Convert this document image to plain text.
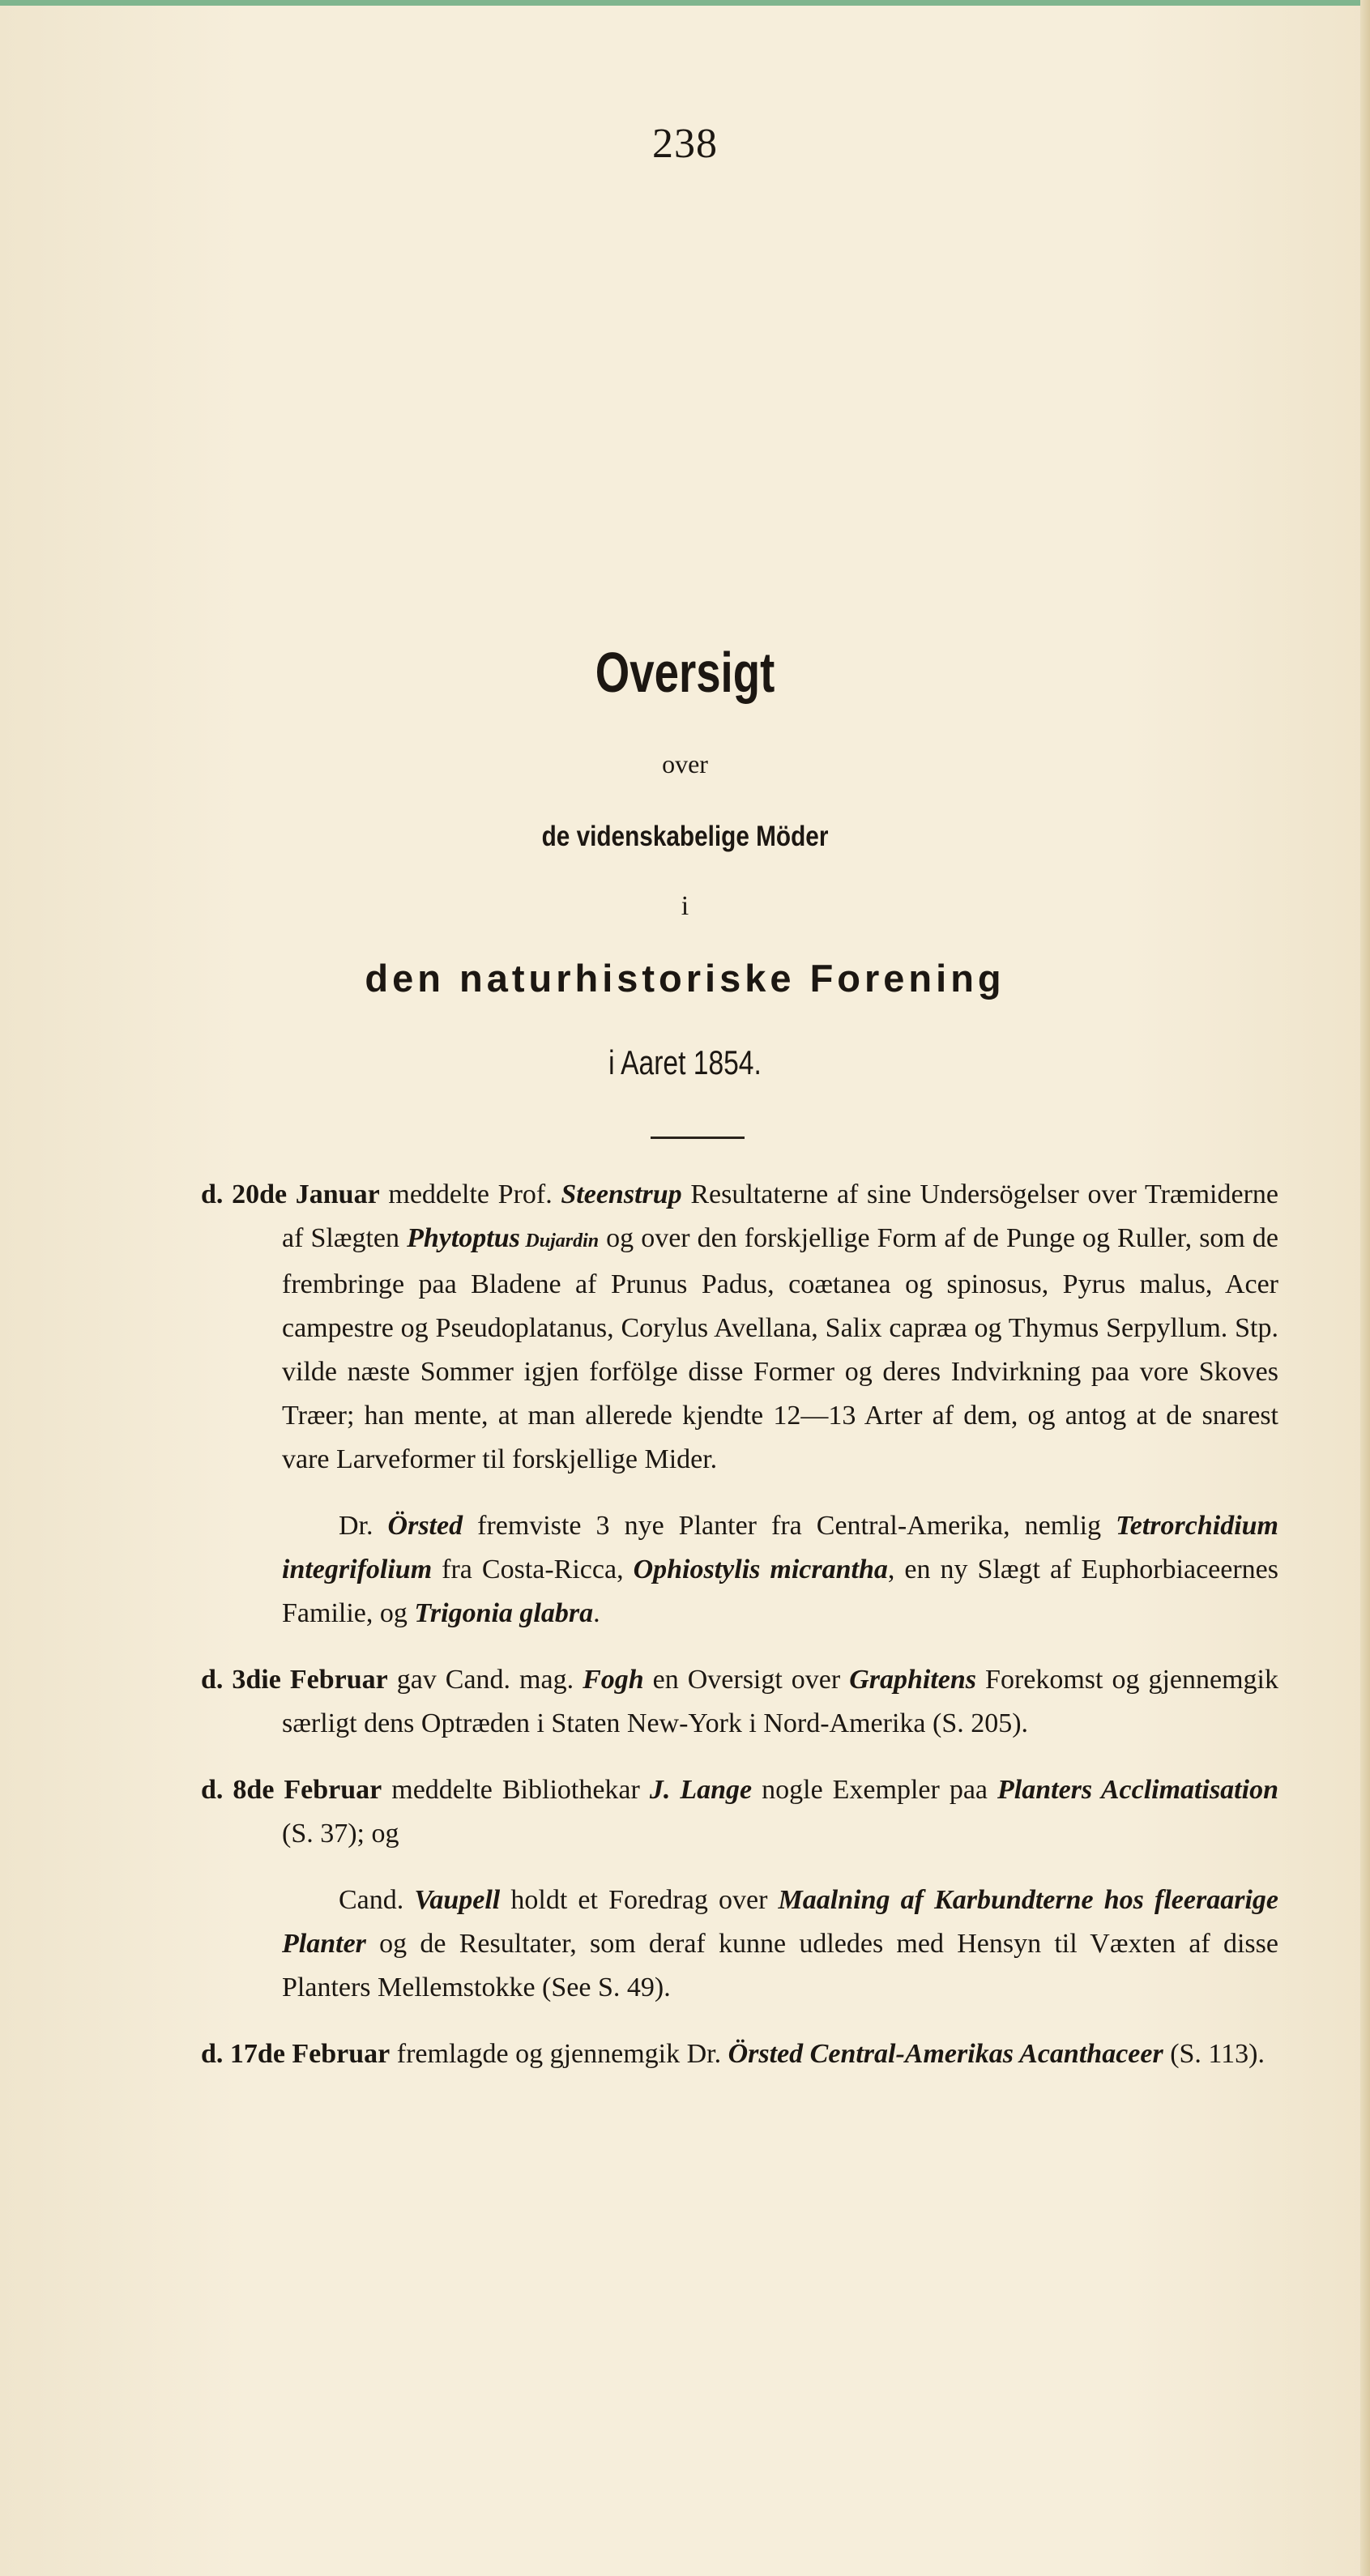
238
Oversigt
over
de videnskabelige Möder
i
den naturhistoriske Forening
i Aaret 1854.

d. 20de Januar meddelte Prof. Steenstrup Resultaterne af sine Undersögelser over Træmiderne af Slægten Phytoptus Dujardin og over den forskjellige Form af de Punge og Ruller, som de frembringe paa Bladene af Prunus Padus, coætanea og spinosus, Pyrus malus, Acer campestre og Pseudoplatanus, Corylus Avellana, Salix capræa og Thymus Serpyllum. Stp. vilde næste Sommer igjen forfölge disse Former og deres Indvirkning paa vore Skoves Træer; han mente, at man allerede kjendte 12—13 Arter af dem, og antog at de snarest vare Larveformer til forskjellige Mider.

Dr. Örsted fremviste 3 nye Planter fra Central-Amerika, nemlig Tetrorchidium integrifolium fra Costa-Ricca, Ophiostylis micrantha, en ny Slægt af Euphorbiaceernes Familie, og Trigonia glabra.

d. 3die Februar gav Cand. mag. Fogh en Oversigt over Graphitens Forekomst og gjennemgik særligt dens Optræden i Staten New-York i Nord-Amerika (S. 205).

d. 8de Februar meddelte Bibliothekar J. Lange nogle Exempler paa Planters Acclimatisation (S. 37); og

Cand. Vaupell holdt et Foredrag over Maalning af Karbundterne hos fleeraarige Planter og de Resultater, som deraf kunne udledes med Hensyn til Væxten af disse Planters Mellemstokke (See S. 49).

d. 17de Februar fremlagde og gjennemgik Dr. Örsted Central-Amerikas Acanthaceer (S. 113).
